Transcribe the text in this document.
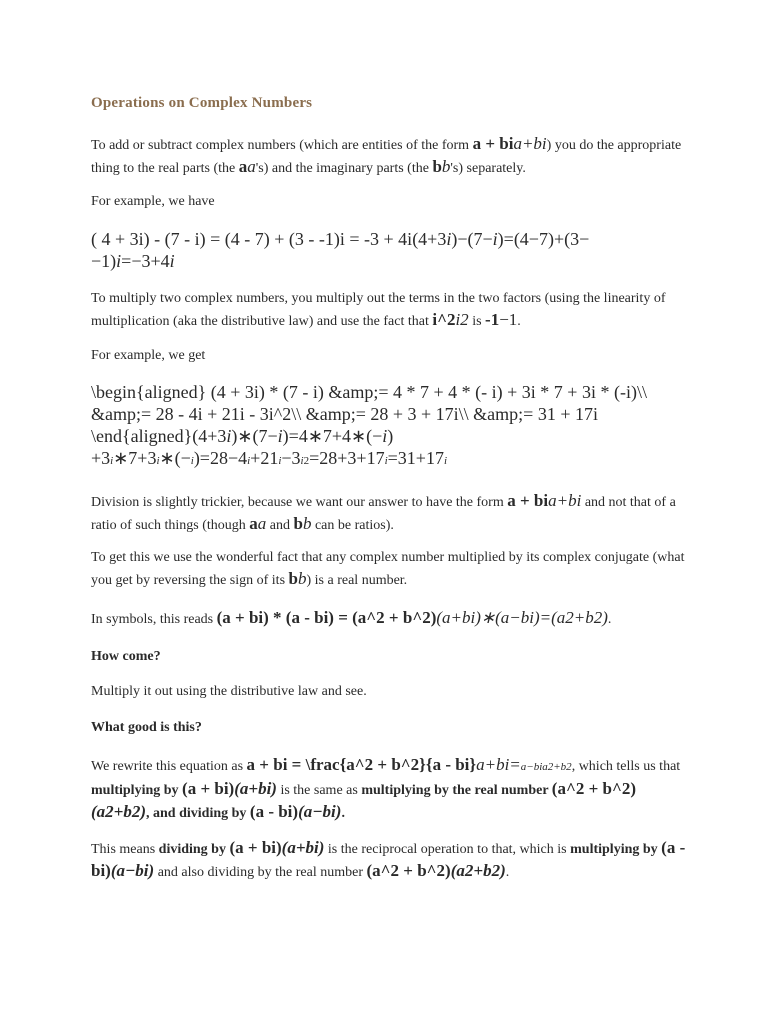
Operations on Complex Numbers

To add or subtract complex numbers (which are entities of the form a + bia+bi) you do the appropriate thing to the real parts (the aa's) and the imaginary parts (the bb's) separately.

For example, we have

( 4 + 3i) - (7 - i) = (4 - 7) + (3 - -1)i = -3 + 4i(4+3i)−(7−i)=(4−7)+(3−
−1)i=−3+4i

To multiply two complex numbers, you multiply out the terms in the two factors (using the linearity of multiplication (aka the distributive law) and use the fact that i^2i2 is -1−1.

For example, we get

\begin{aligned} (4 + 3i) * (7 - i) &amp;= 4 * 7 + 4 * (- i) + 3i * 7 + 3i * (-i)\\
&amp;= 28 - 4i + 21i - 3i^2\\ &amp;= 28 + 3 + 17i\\ &amp;= 31 + 17i
\end{aligned}(4+3i)∗(7−i)=4∗7+4∗(−i)
+3i∗7+3i∗(−i)=28−4i+21i−3i2=28+3+17i=31+17i

Division is slightly trickier, because we want our answer to have the form a + bia+bi and not that of a ratio of such things (though aa and bb can be ratios).

To get this we use the wonderful fact that any complex number multiplied by its complex conjugate (what you get by reversing the sign of its bb) is a real number.

In symbols, this reads (a + bi) * (a - bi) = (a^2 + b^2)(a+bi)∗(a−bi)=(a2+b2).

How come?

Multiply it out using the distributive law and see.

What good is this?

We rewrite this equation as a + bi = \frac{a^2 + b^2}{a - bi}a+bi=a−bia2+b2, which tells us that multiplying by (a + bi)(a+bi) is the same as multiplying by the real number (a^2 + b^2)(a2+b2), and dividing by (a - bi)(a−bi).

This means dividing by (a + bi)(a+bi) is the reciprocal operation to that, which is multiplying by (a - bi)(a−bi) and also dividing by the real number (a^2 + b^2)(a2+b2).
